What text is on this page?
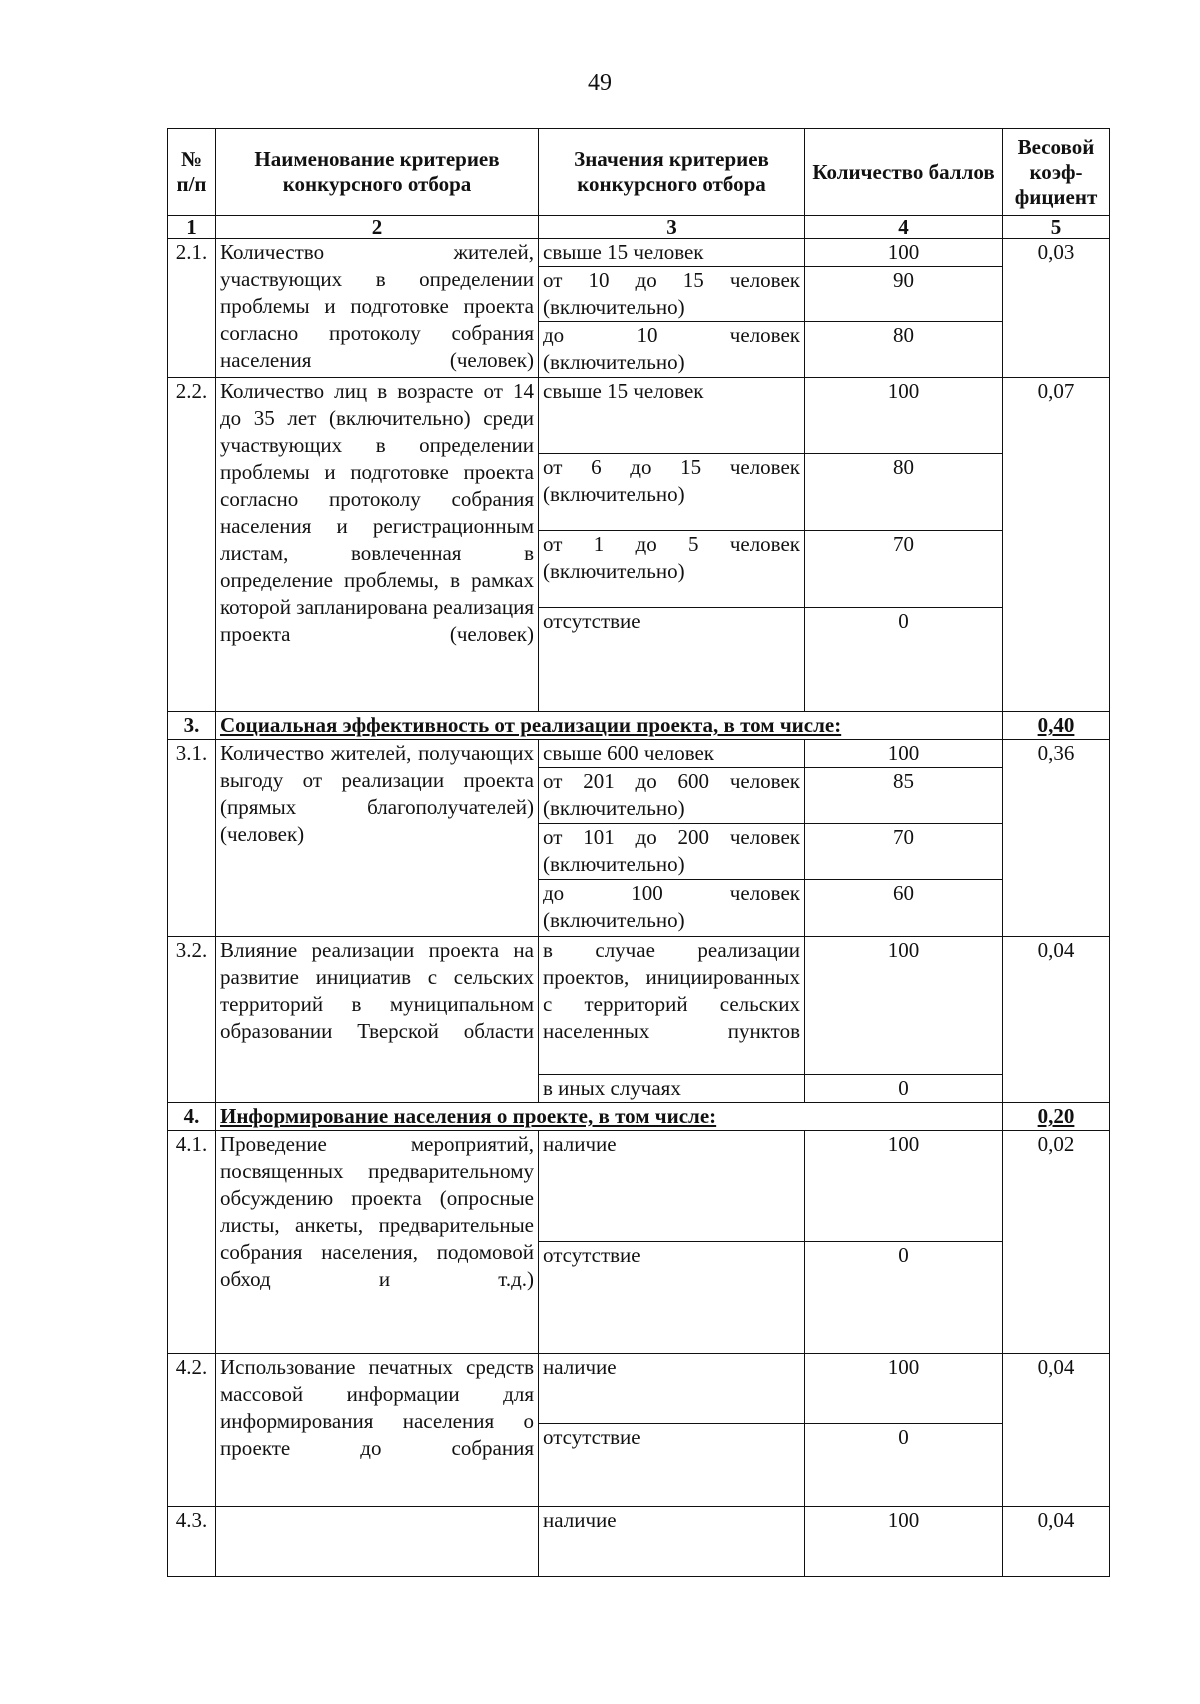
49
№ п/п	Наименование критериев конкурсного отбора	Значения критериев конкурсного отбора	Количество баллов	Весовой коэф-фициент
1	2	3	4	5
2.1.	Количество жителей, участвующих в определении проблемы и подготовке проекта согласно протоколу собрания населения (человек)	свыше 15 человек	100	0,03
		от 10 до 15 человек (включительно)	90	
		до 10 человек (включительно)	80	
2.2.	Количество лиц в возрасте от 14 до 35 лет (включительно) среди участвующих в определении проблемы и подготовке проекта согласно протоколу собрания населения и регистрационным листам, вовлеченная в определение проблемы, в рамках которой запланирована реализация проекта (человек)	свыше 15 человек	100	0,07
		от 6 до 15 человек (включительно)	80	
		от 1 до 5 человек (включительно)	70	
		отсутствие	0	
3.	Социальная эффективность от реализации проекта, в том числе:			0,40
3.1.	Количество жителей, получающих выгоду от реализации проекта (прямых благополучателей) (человек)	свыше 600 человек	100	0,36
		от 201 до 600 человек (включительно)	85	
		от 101 до 200 человек (включительно)	70	
		до 100 человек (включительно)	60	
3.2.	Влияние реализации проекта на развитие инициатив с сельских территорий в муниципальном образовании Тверской области	в случае реализации проектов, инициированных с территорий сельских населенных пунктов	100	0,04
		в иных случаях	0	
4.	Информирование населения о проекте, в том числе:			0,20
4.1.	Проведение мероприятий, посвященных предварительному обсуждению проекта (опросные листы, анкеты, предварительные собрания населения, подомовой обход и т.д.)	наличие	100	0,02
		отсутствие	0	
4.2.	Использование печатных средств массовой информации для информирования населения о проекте до собрания	наличие	100	0,04
		отсутствие	0	
4.3.		наличие	100	0,04
